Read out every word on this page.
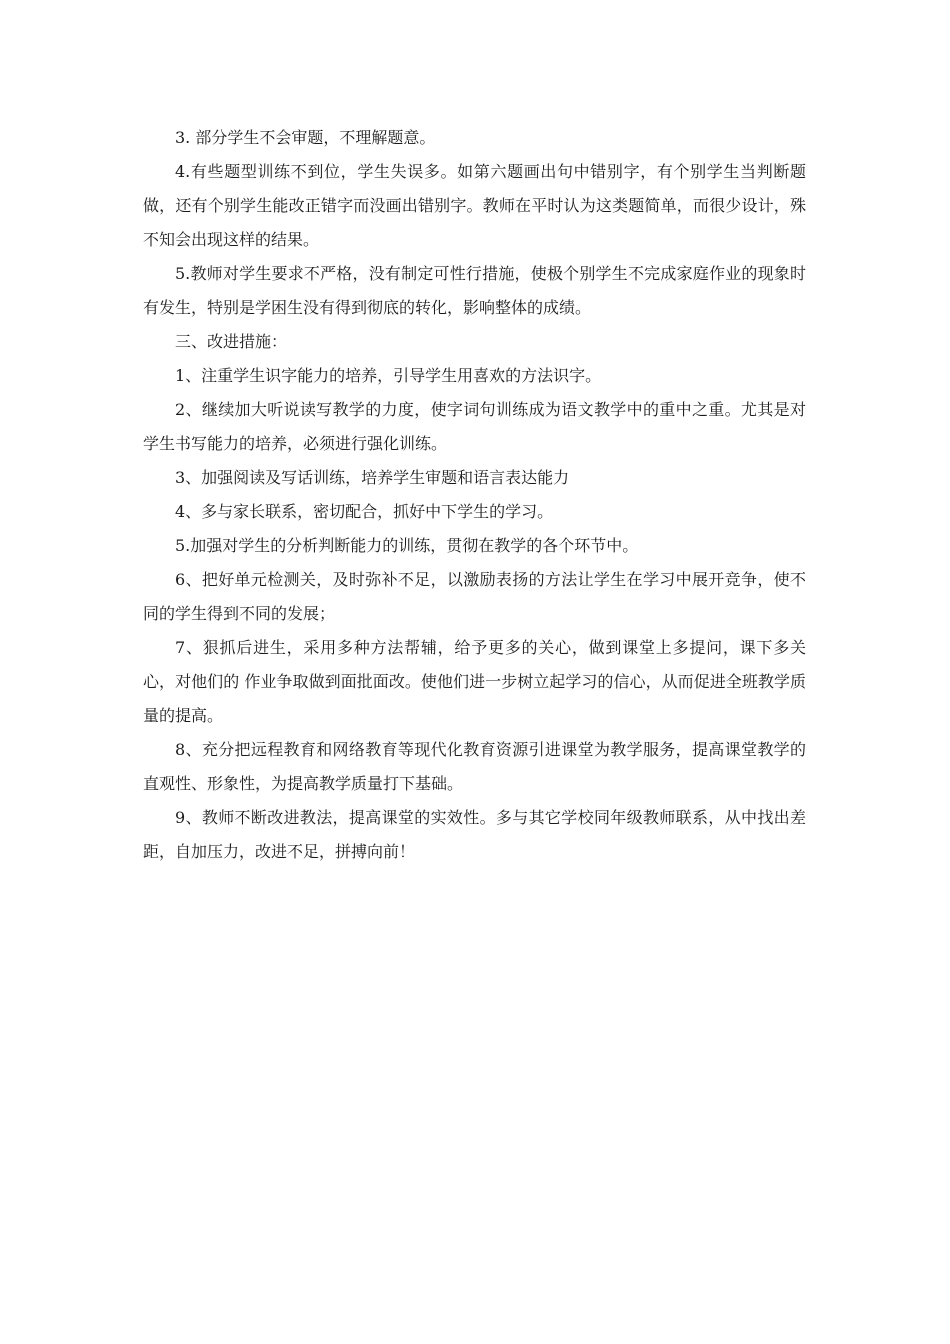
3. 部分学生不会审题，不理解题意。

4.有些题型训练不到位，学生失误多。如第六题画出句中错别字，有个别学生当判断题做，还有个别学生能改正错字而没画出错别字。教师在平时认为这类题简单，而很少设计，殊不知会出现这样的结果。

5.教师对学生要求不严格，没有制定可性行措施，使极个别学生不完成家庭作业的现象时有发生，特别是学困生没有得到彻底的转化，影响整体的成绩。

三、改进措施：

1、注重学生识字能力的培养，引导学生用喜欢的方法识字。

2、继续加大听说读写教学的力度，使字词句训练成为语文教学中的重中之重。尤其是对学生书写能力的培养，必须进行强化训练。

3、加强阅读及写话训练，培养学生审题和语言表达能力

4、多与家长联系，密切配合，抓好中下学生的学习。

5.加强对学生的分析判断能力的训练，贯彻在教学的各个环节中。

6、把好单元检测关，及时弥补不足，以激励表扬的方法让学生在学习中展开竞争，使不同的学生得到不同的发展；

7、狠抓后进生，采用多种方法帮辅，给予更多的关心，做到课堂上多提问，课下多关心，对他们的 作业争取做到面批面改。使他们进一步树立起学习的信心，从而促进全班教学质量的提高。

8、充分把远程教育和网络教育等现代化教育资源引进课堂为教学服务，提高课堂教学的直观性、形象性，为提高教学质量打下基础。

9、教师不断改进教法，提高课堂的实效性。多与其它学校同年级教师联系，从中找出差距，自加压力，改进不足，拼搏向前！
